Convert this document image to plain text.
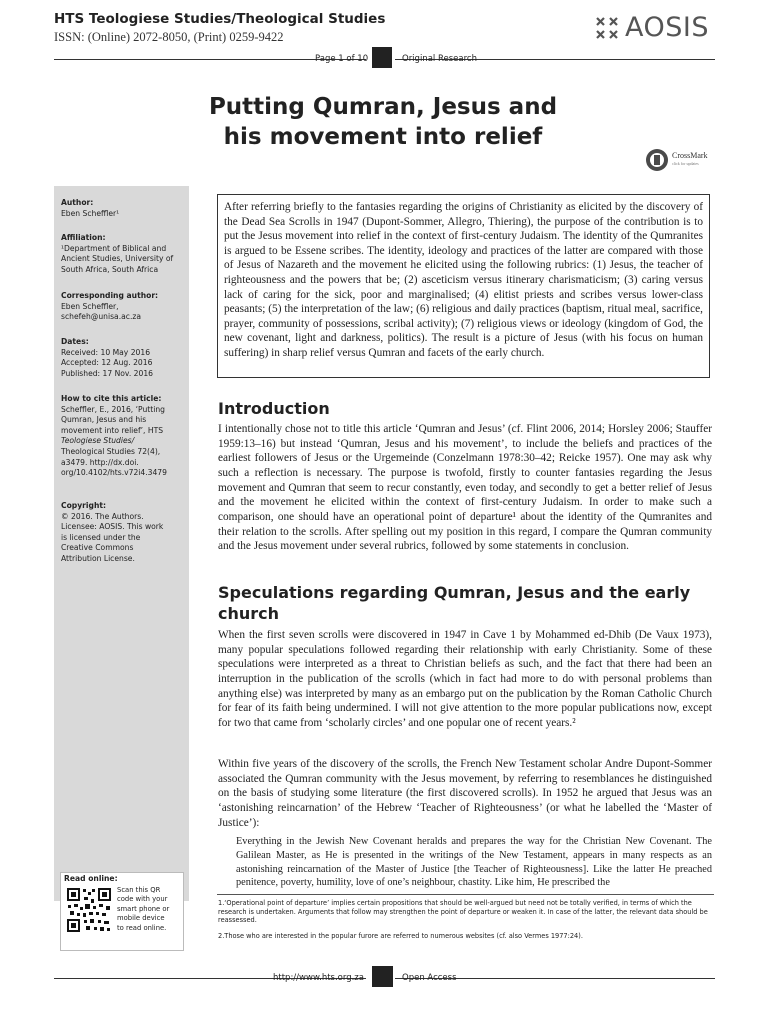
HTS Teologiese Studies/Theological Studies
ISSN: (Online) 2072-8050, (Print) 0259-9422	AOSIS
Page 1 of 10	Original Research
Putting Qumran, Jesus and
his movement into relief
CrossMark
click for updates
Author:
Eben Scheffler¹
Affiliation:
¹Department of Biblical and
Ancient Studies, University of
South Africa, South Africa
Corresponding author:
Eben Scheffler,
schefeh@unisa.ac.za
Dates:
Received: 10 May 2016
Accepted: 12 Aug. 2016
Published: 17 Nov. 2016
How to cite this article:
Scheffler, E., 2016, ‘Putting
Qumran, Jesus and his
movement into relief’, HTS
Teologiese Studies/
Theological Studies 72(4),
a3479. http://dx.doi.
org/10.4102/hts.v72i4.3479
Copyright:
© 2016. The Authors.
Licensee: AOSIS. This work
is licensed under the
Creative Commons
Attribution License.
Read online:
Scan this QR
code with your
smart phone or
mobile device
to read online.

After referring briefly to the fantasies regarding the origins of Christianity as elicited by the discovery of the Dead Sea Scrolls in 1947 (Dupont-Sommer, Allegro, Thiering), the purpose of the contribution is to put the Jesus movement into relief in the context of first-century Judaism. The identity of the Qumranites is argued to be Essene scribes. The identity, ideology and practices of the latter are compared with those of Jesus of Nazareth and the movement he elicited using the following rubrics: (1) Jesus, the teacher of righteousness and the powers that be; (2) asceticism versus itinerary charismaticism; (3) caring versus lack of caring for the sick, poor and marginalised; (4) elitist priests and scribes versus lower-class peasants; (5) the interpretation of the law; (6) religious and daily practices (baptism, ritual meal, sacrifice, prayer, community of possessions, scribal activity); (7) religious views or ideology (kingdom of God, the new covenant, light and darkness, politics). The result is a picture of Jesus (with his focus on human suffering) in sharp relief versus Qumran and facets of the early church.

Introduction

I intentionally chose not to title this article ‘Qumran and Jesus’ (cf. Flint 2006, 2014; Horsley 2006; Stauffer 1959:13–16) but instead ‘Qumran, Jesus and his movement’, to include the beliefs and practices of the earliest followers of Jesus or the Urgemeinde (Conzelmann 1978:30–42; Reicke 1957). One may ask why such a reflection is necessary. The purpose is twofold, firstly to counter fantasies regarding the Jesus movement and Qumran that seem to recur constantly, even today, and secondly to get a better relief of Jesus and the movement he elicited within the context of first-century Judaism. In order to make such a comparison, one should have an operational point of departure¹ about the identity of the Qumranites and their relation to the scrolls. After spelling out my position in this regard, I compare the Qumran community and the Jesus movement under several rubrics, followed by some statements in conclusion.

Speculations regarding Qumran, Jesus and the early
church

When the first seven scrolls were discovered in 1947 in Cave 1 by Mohammed ed-Dhib (De Vaux 1973), many popular speculations followed regarding their relationship with early Christianity. Some of these speculations were interpreted as a threat to Christian beliefs as such, and the fact that there had been an interruption in the publication of the scrolls (which in fact had more to do with personal problems than anything else) was interpreted by many as an embargo put on the publication by the Roman Catholic Church for fear of its faith being undermined. I will not give attention to the more popular publications now, except for two that came from ‘scholarly circles’ and one popular one of recent years.²

Within five years of the discovery of the scrolls, the French New Testament scholar Andre Dupont-Sommer associated the Qumran community with the Jesus movement, by referring to resemblances he distinguished on the basis of studying some literature (the first discovered scrolls). In 1952 he argued that Jesus was an ‘astonishing reincarnation’ of the Hebrew ‘Teacher of Righteousness’ (or what he labelled the ‘Master of Justice’):

Everything in the Jewish New Covenant heralds and prepares the way for the Christian New Covenant. The Galilean Master, as He is presented in the writings of the New Testament, appears in many respects as an astonishing reincarnation of the Master of Justice [the Teacher of Righteousness]. Like the latter He preached penitence, poverty, humility, love of one’s neighbour, chastity. Like him, He prescribed the

1.‘Operational point of departure’ implies certain propositions that should be well-argued but need not be totally verified, in terms of which the research is undertaken. Arguments that follow may strengthen the point of departure or weaken it. In case of the latter, the relevant data should be reassessed.

2.Those who are interested in the popular furore are referred to numerous websites (cf. also Vermes 1977:24).

http://www.hts.org.za	Open Access
